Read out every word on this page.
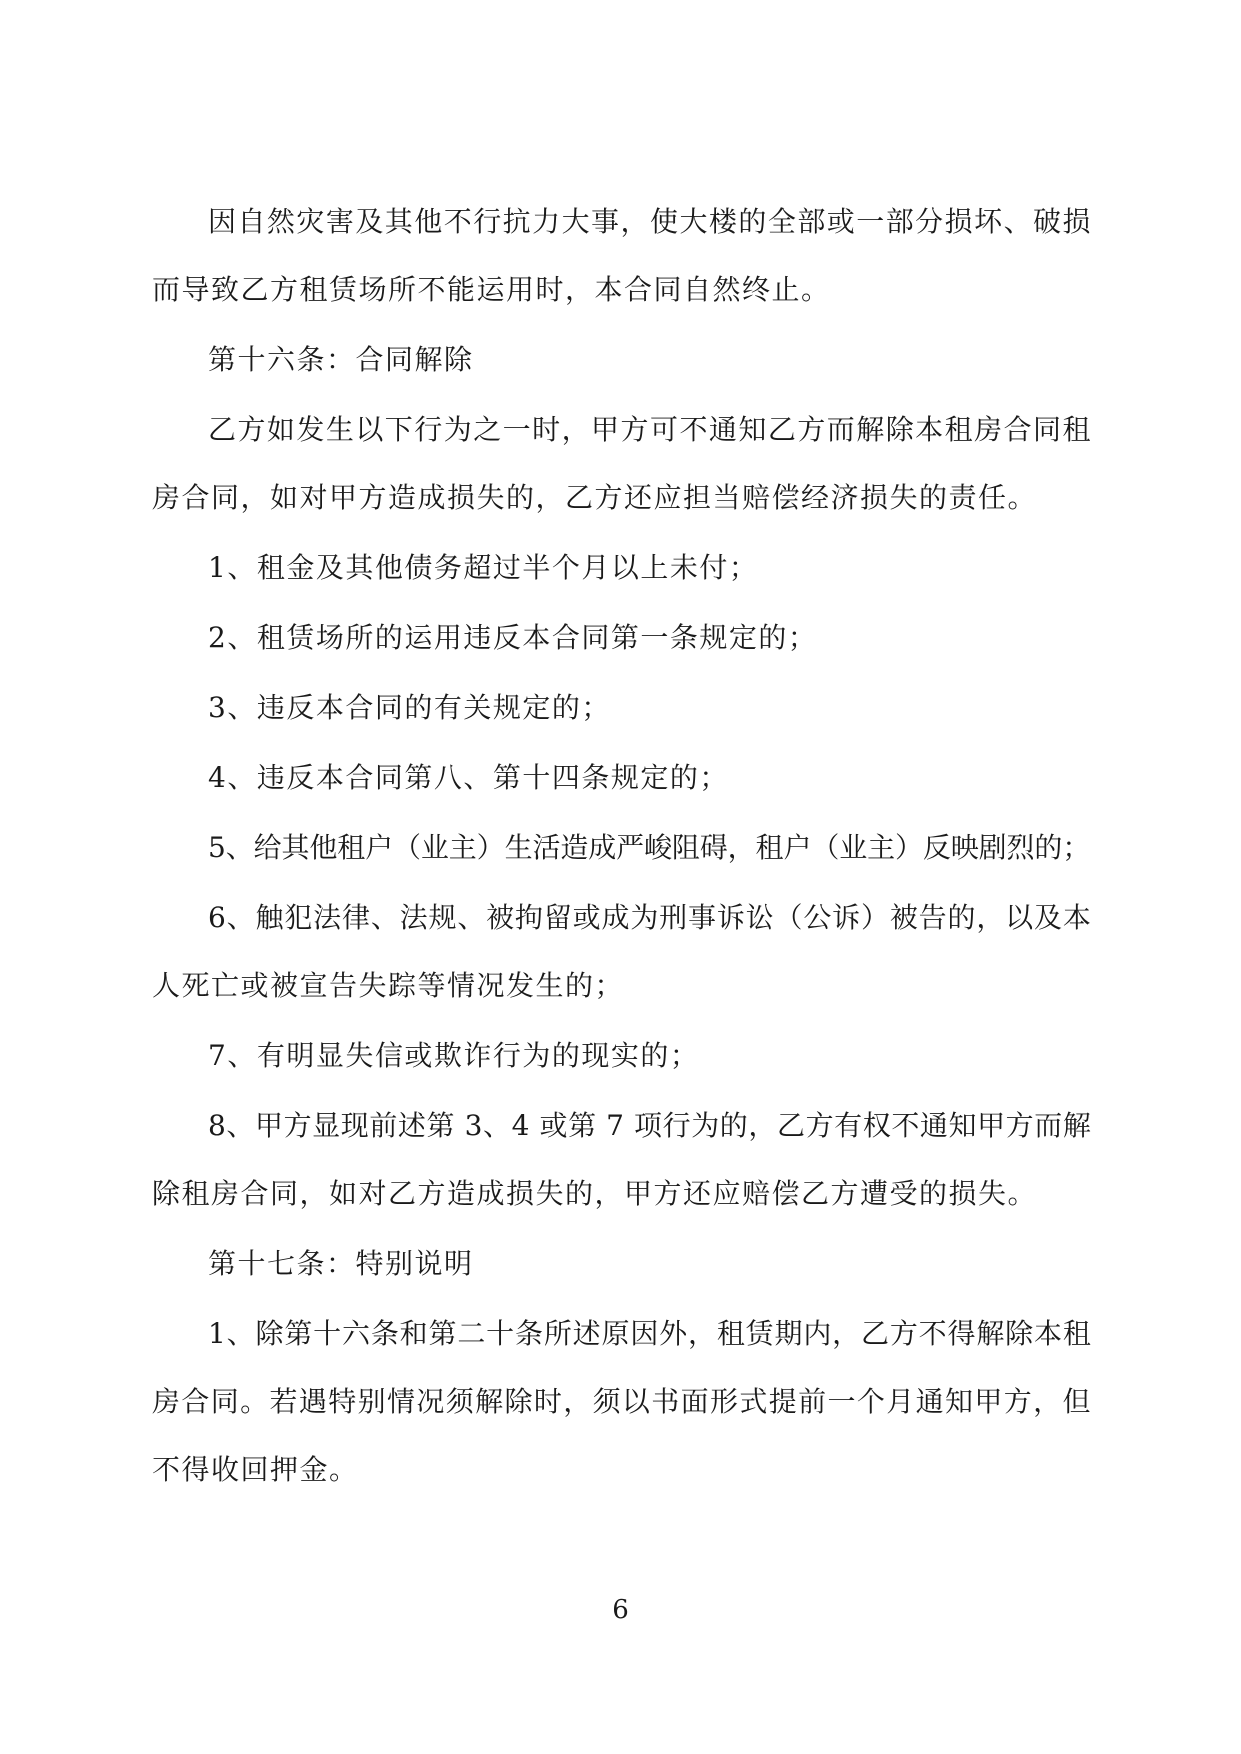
因自然灾害及其他不行抗力大事，使大楼的全部或一部分损坏、破损
而导致乙方租赁场所不能运用时，本合同自然终止。
第十六条：合同解除
乙方如发生以下行为之一时，甲方可不通知乙方而解除本租房合同租
房合同，如对甲方造成损失的，乙方还应担当赔偿经济损失的责任。
1、租金及其他债务超过半个月以上未付；
2、租赁场所的运用违反本合同第一条规定的；
3、违反本合同的有关规定的；
4、违反本合同第八、第十四条规定的；
5、给其他租户（业主）生活造成严峻阻碍，租户（业主）反映剧烈的；
6、触犯法律、法规、被拘留或成为刑事诉讼（公诉）被告的，以及本
人死亡或被宣告失踪等情况发生的；
7、有明显失信或欺诈行为的现实的；
8、甲方显现前述第 3、4 或第 7 项行为的，乙方有权不通知甲方而解
除租房合同，如对乙方造成损失的，甲方还应赔偿乙方遭受的损失。
第十七条：特别说明
1、除第十六条和第二十条所述原因外，租赁期内，乙方不得解除本租
房合同。若遇特别情况须解除时，须以书面形式提前一个月通知甲方，但
不得收回押金。
6
